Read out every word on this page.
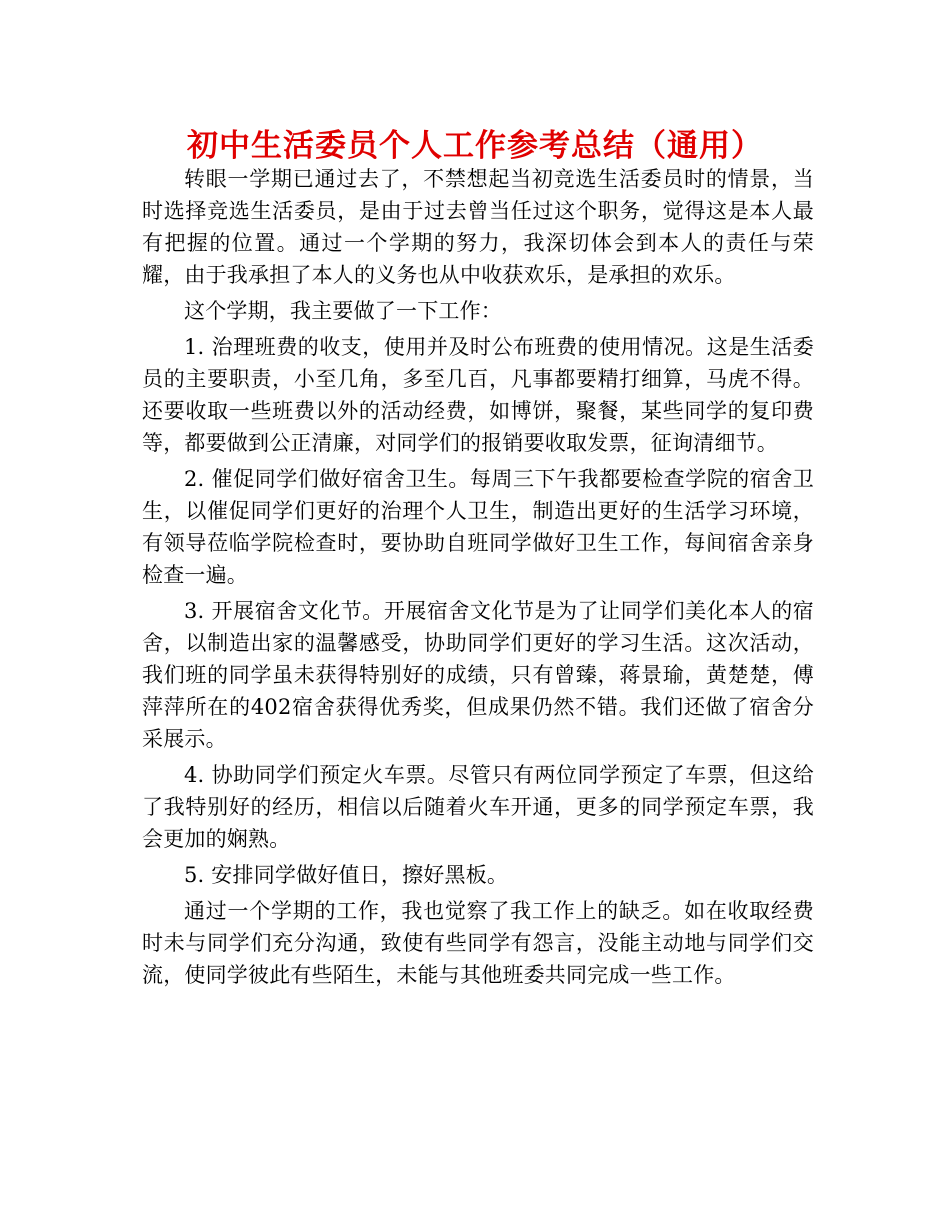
初中生活委员个人工作参考总结（通用）

转眼一学期已通过去了，不禁想起当初竞选生活委员时的情景，当时选择竞选生活委员，是由于过去曾当任过这个职务，觉得这是本人最有把握的位置。通过一个学期的努力，我深切体会到本人的责任与荣耀，由于我承担了本人的义务也从中收获欢乐，是承担的欢乐。

这个学期，我主要做了一下工作：

1. 治理班费的收支，使用并及时公布班费的使用情况。这是生活委员的主要职责，小至几角，多至几百，凡事都要精打细算，马虎不得。还要收取一些班费以外的活动经费，如博饼，聚餐，某些同学的复印费等，都要做到公正清廉，对同学们的报销要收取发票，征询清细节。

2. 催促同学们做好宿舍卫生。每周三下午我都要检查学院的宿舍卫生，以催促同学们更好的治理个人卫生，制造出更好的生活学习环境，有领导莅临学院检查时，要协助自班同学做好卫生工作，每间宿舍亲身检查一遍。

3. 开展宿舍文化节。开展宿舍文化节是为了让同学们美化本人的宿舍，以制造出家的温馨感受，协助同学们更好的学习生活。这次活动，我们班的同学虽未获得特别好的成绩，只有曾臻，蒋景瑜，黄楚楚，傅萍萍所在的402宿舍获得优秀奖，但成果仍然不错。我们还做了宿舍分采展示。

4. 协助同学们预定火车票。尽管只有两位同学预定了车票，但这给了我特别好的经历，相信以后随着火车开通，更多的同学预定车票，我会更加的娴熟。

5. 安排同学做好值日，擦好黑板。

通过一个学期的工作，我也觉察了我工作上的缺乏。如在收取经费时未与同学们充分沟通，致使有些同学有怨言，没能主动地与同学们交流，使同学彼此有些陌生，未能与其他班委共同完成一些工作。
